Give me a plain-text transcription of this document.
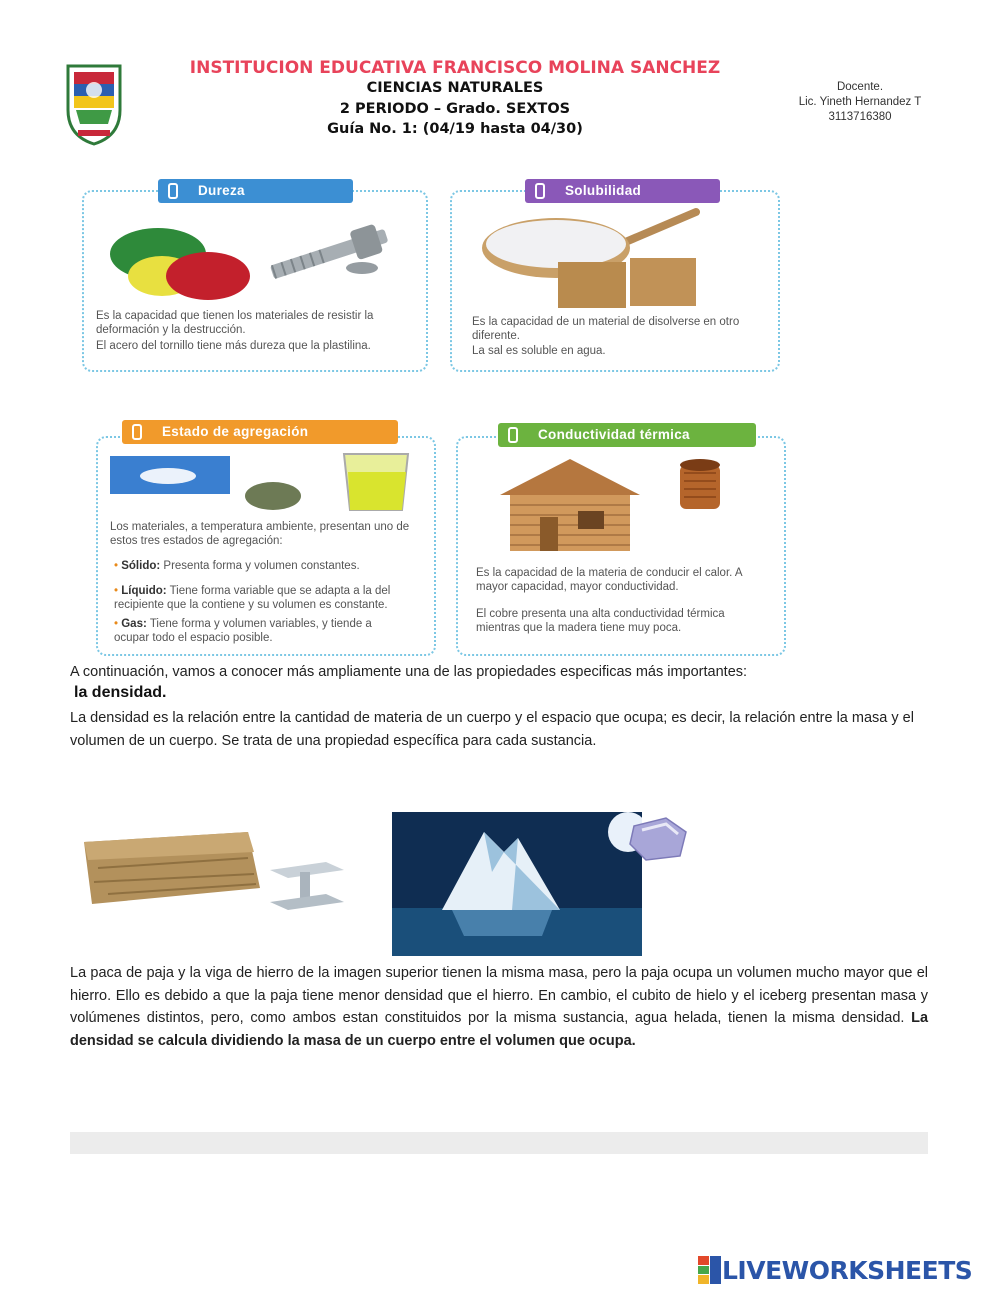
INSTITUCION EDUCATIVA FRANCISCO MOLINA SANCHEZ
CIENCIAS NATURALES
2 PERIODO – Grado. SEXTOS
Guía No. 1: (04/19 hasta 04/30)
Docente.
Lic. Yineth Hernandez T
3113716380
Dureza
Es la capacidad que tienen los materiales de resistir la deformación y la destrucción.
El acero del tornillo tiene más dureza que la plastilina.
Solubilidad
Es la capacidad de un material de disolverse en otro diferente.
La sal es soluble en agua.
Estado de agregación
Los materiales, a temperatura ambiente, presentan uno de estos tres estados de agregación:
• Sólido: Presenta forma y volumen constantes.
• Líquido: Tiene forma variable que se adapta a la del recipiente que la contiene y su volumen es constante.
• Gas: Tiene forma y volumen variables, y tiende a ocupar todo el espacio posible.
Conductividad térmica
Es la capacidad de la materia de conducir el calor. A mayor capacidad, mayor conductividad.
El cobre presenta una alta conductividad térmica mientras que la madera tiene muy poca.
A continuación, vamos a conocer más ampliamente una de las propiedades especificas más importantes:
la densidad.
La densidad es la relación entre la cantidad de materia de un cuerpo y el espacio que ocupa; es decir, la relación entre la masa y el volumen de un cuerpo. Se trata de una propiedad específica para cada sustancia.
La paca de paja y la viga de hierro de la imagen superior tienen la misma masa, pero la paja ocupa un volumen mucho mayor que el hierro. Ello es debido a que la paja tiene menor densidad que el hierro. En cambio, el cubito de hielo y el iceberg presentan masa y volúmenes distintos, pero, como ambos estan constituidos por la misma sustancia, agua helada, tienen la misma densidad. La densidad se calcula dividiendo la masa de un cuerpo entre el volumen que ocupa.
LIVEWORKSHEETS
